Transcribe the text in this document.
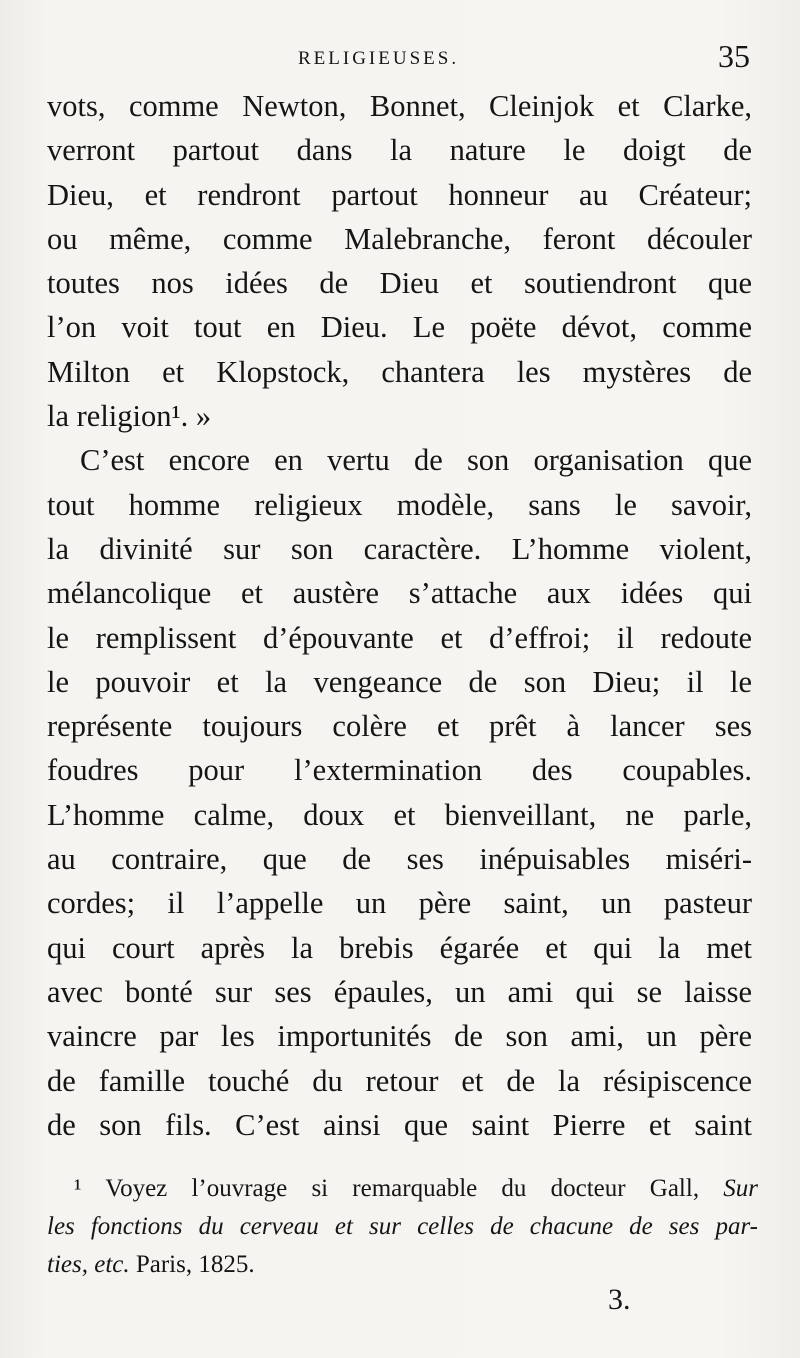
RELIGIEUSES.	35
vots, comme Newton, Bonnet, Cleinjok et Clarke,
verront partout dans la nature le doigt de
Dieu, et rendront partout honneur au Créateur;
ou même, comme Malebranche, feront découler
toutes nos idées de Dieu et soutiendront que
l’on voit tout en Dieu. Le poëte dévot, comme
Milton et Klopstock, chantera les mystères de
la religion¹. »
C’est encore en vertu de son organisation que
tout homme religieux modèle, sans le savoir,
la divinité sur son caractère. L’homme violent,
mélancolique et austère s’attache aux idées qui
le remplissent d’épouvante et d’effroi; il redoute
le pouvoir et la vengeance de son Dieu; il le
représente toujours colère et prêt à lancer ses
foudres pour l’extermination des coupables.
L’homme calme, doux et bienveillant, ne parle,
au contraire, que de ses inépuisables miséri-
cordes; il l’appelle un père saint, un pasteur
qui court après la brebis égarée et qui la met
avec bonté sur ses épaules, un ami qui se laisse
vaincre par les importunités de son ami, un père
de famille touché du retour et de la résipiscence
de son fils. C’est ainsi que saint Pierre et saint
¹ Voyez l’ouvrage si remarquable du docteur Gall, Sur
les fonctions du cerveau et sur celles de chacune de ses par-
ties, etc. Paris, 1825.
3.
